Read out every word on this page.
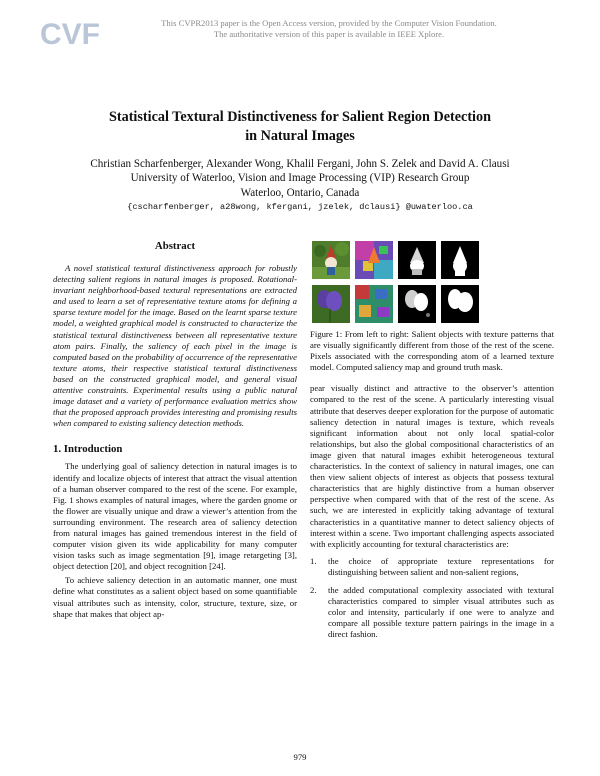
CVF	This CVPR2013 paper is the Open Access version, provided by the Computer Vision Foundation.
The authoritative version of this paper is available in IEEE Xplore.
Statistical Textural Distinctiveness for Salient Region Detection
in Natural Images
Christian Scharfenberger, Alexander Wong, Khalil Fergani, John S. Zelek and David A. Clausi
University of Waterloo, Vision and Image Processing (VIP) Research Group
Waterloo, Ontario, Canada
{cscharfenberger, a28wong, kfergani, jzelek, dclausi} @uwaterloo.ca
Abstract

A novel statistical textural distinctiveness approach for robustly detecting salient regions in natural images is proposed. Rotational-invariant neighborhood-based textural representations are extracted and used to learn a set of representative texture atoms for defining a sparse texture model for the image. Based on the learnt sparse texture model, a weighted graphical model is constructed to characterize the statistical textural distinctiveness between all representative texture atom pairs. Finally, the saliency of each pixel in the image is computed based on the probability of occurrence of the representative texture atoms, their respective statistical textural distinctiveness based on the constructed graphical model, and general visual attentive constraints. Experimental results using a public natural image dataset and a variety of performance evaluation metrics show that the proposed approach provides interesting and promising results when compared to existing saliency detection methods.

1. Introduction

The underlying goal of saliency detection in natural images is to identify and localize objects of interest that attract the visual attention of a human observer compared to the rest of the scene. For example, Fig. 1 shows examples of natural images, where the garden gnome or the flower are visually unique and draw a viewer’s attention from the surrounding environment. The research area of saliency detection from natural images has gained tremendous interest in the field of computer vision given its wide applicability for many computer vision tasks such as image segmentation [9], image retargeting [3], object detection [20], and object recognition [24].

To achieve saliency detection in an automatic manner, one must define what constitutes as a salient object based on some quantifiable visual attributes such as intensity, color, structure, texture, size, or shape that makes that object ap-

Figure 1: From left to right: Salient objects with texture patterns that are visually significantly different from those of the rest of the scene. Pixels associated with the corresponding atom of a learned texture model. Computed saliency map and ground truth mask.

pear visually distinct and attractive to the observer’s attention compared to the rest of the scene. A particularly interesting visual attribute that deserves deeper exploration for the purpose of automatic saliency detection in natural images is texture, which reveals significant information about not only local spatial-color relationships, but also the global compositional characteristics of an image given that natural images exhibit heterogeneous textural characteristics. In the context of saliency in natural images, one can then view salient objects of interest as objects that possess textural characteristics that are highly distinctive from a human observer perspective when compared with that of the rest of the scene. As such, we are interested in explicitly taking advantage of textural characteristics in a quantitative manner to detect saliency objects of interest within a scene. Two important challenging aspects associated with explicitly accounting for textural characteristics are:

1.	the choice of appropriate texture representations for distinguishing between salient and non-salient regions,
2.	the added computational complexity associated with textural characteristics compared to simpler visual attributes such as color and intensity, particularly if one were to analyze and compare all possible texture pattern pairings in the image in a direct fashion.
979
